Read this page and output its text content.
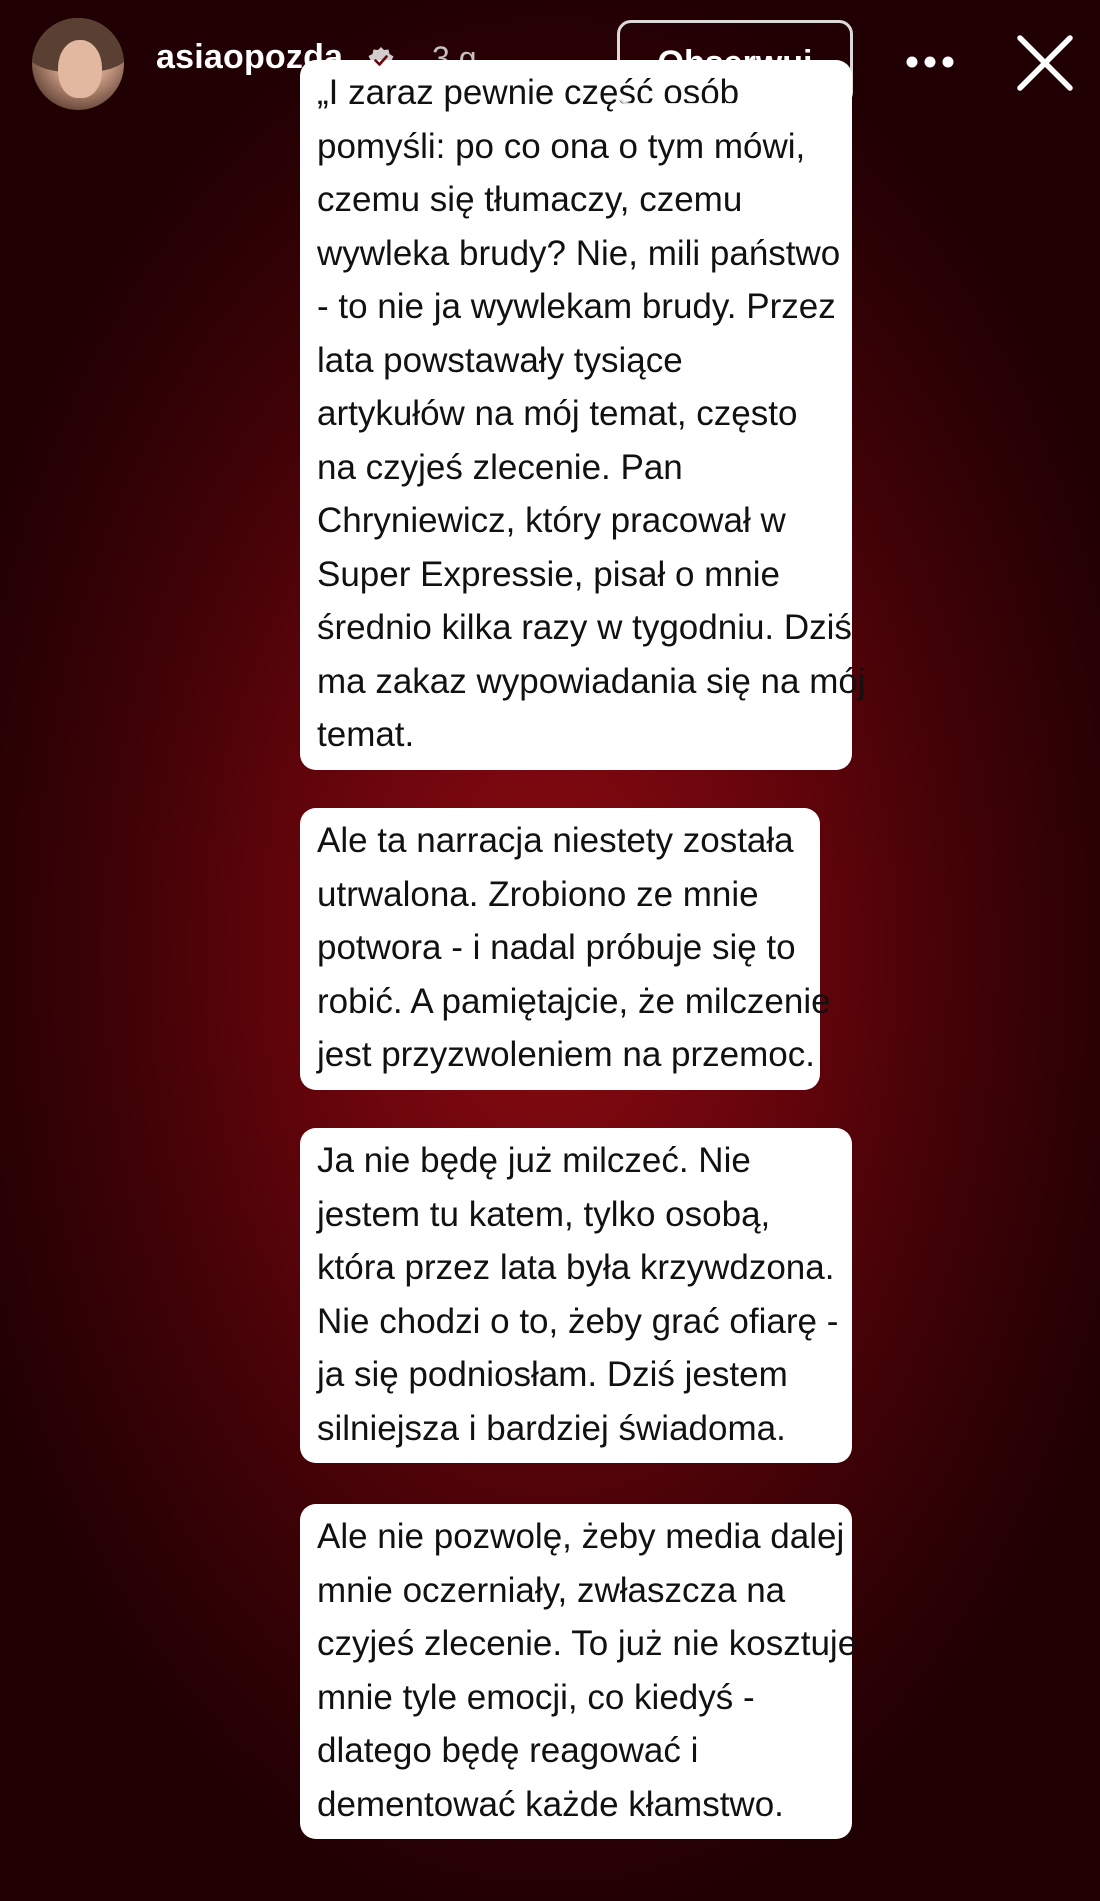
„I zaraz pewnie część osób
pomyśli: po co ona o tym mówi,
czemu się tłumaczy, czemu
wywleka brudy? Nie, mili państwo
- to nie ja wywlekam brudy. Przez
lata powstawały tysiące
artykułów na mój temat, często
na czyjeś zlecenie. Pan
Chryniewicz, który pracował w
Super Expressie, pisał o mnie
średnio kilka razy w tygodniu. Dziś
ma zakaz wypowiadania się na mój
temat.
Ale ta narracja niestety została
utrwalona. Zrobiono ze mnie
potwora - i nadal próbuje się to
robić. A pamiętajcie, że milczenie
jest przyzwoleniem na przemoc.
Ja nie będę już milczeć. Nie
jestem tu katem, tylko osobą,
która przez lata była krzywdzona.
Nie chodzi o to, żeby grać ofiarę -
ja się podniosłam. Dziś jestem
silniejsza i bardziej świadoma.
Ale nie pozwolę, żeby media dalej
mnie oczerniały, zwłaszcza na
czyjeś zlecenie. To już nie kosztuje
mnie tyle emocji, co kiedyś -
dlatego będę reagować i
dementować każde kłamstwo.
asiaopozda	3 g	Obserwuj
